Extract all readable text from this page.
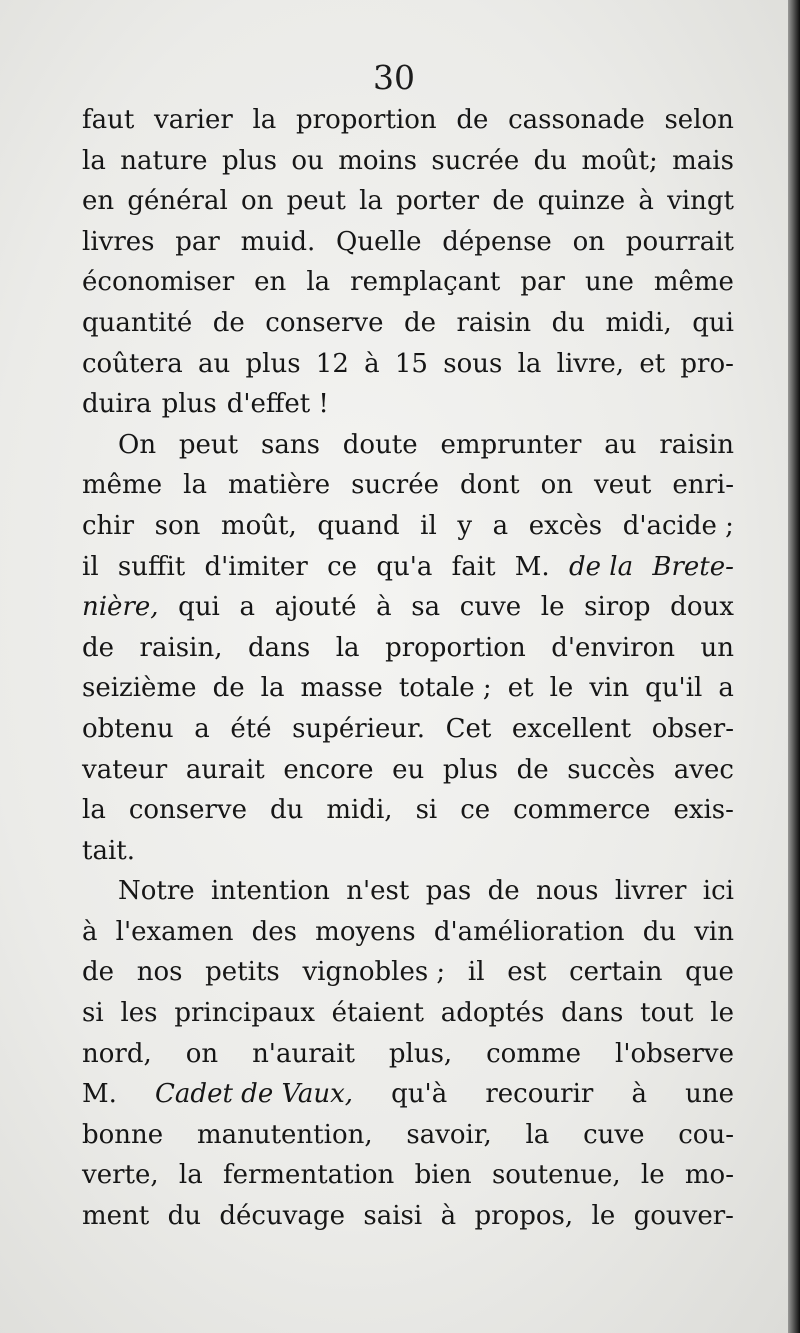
30
faut varier la proportion de cassonade selon
la nature plus ou moins sucrée du moût; mais
en général on peut la porter de quinze à vingt
livres par muid. Quelle dépense on pourrait
économiser en la remplaçant par une même
quantité de conserve de raisin du midi, qui
coûtera au plus 12 à 15 sous la livre, et pro-
duira plus d'effet !
On peut sans doute emprunter au raisin
même la matière sucrée dont on veut enri-
chir son moût, quand il y a excès d'acide ;
il suffit d'imiter ce qu'a fait M. de la Brete-
nière, qui a ajouté à sa cuve le sirop doux
de raisin, dans la proportion d'environ un
seizième de la masse totale ; et le vin qu'il a
obtenu a été supérieur. Cet excellent obser-
vateur aurait encore eu plus de succès avec
la conserve du midi, si ce commerce exis-
tait.
Notre intention n'est pas de nous livrer ici
à l'examen des moyens d'amélioration du vin
de nos petits vignobles ; il est certain que
si les principaux étaient adoptés dans tout le
nord, on n'aurait plus, comme l'observe
M. Cadet de Vaux, qu'à recourir à une
bonne manutention, savoir, la cuve cou-
verte, la fermentation bien soutenue, le mo-
ment du décuvage saisi à propos, le gouver-
